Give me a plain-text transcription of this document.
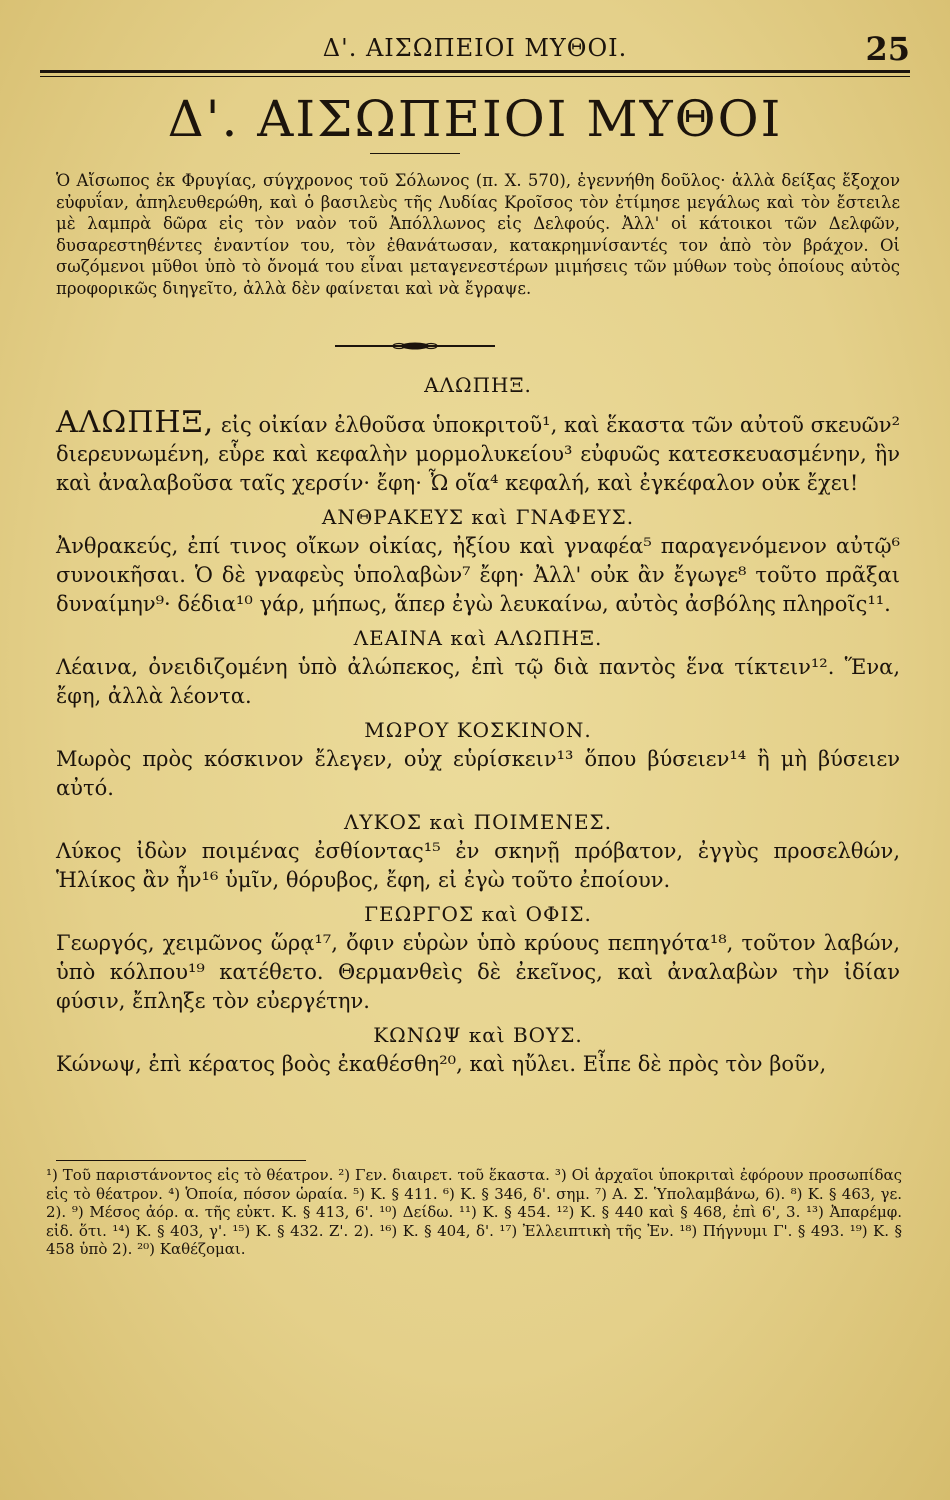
Δ'. ΑΙΣΩΠΕΙΟΙ ΜΥΘΟΙ.	25
Δ'. ΑΙΣΩΠΕΙΟΙ ΜΥΘΟΙ
Ὁ Αἴσωπος ἐκ Φρυγίας, σύγχρονος τοῦ Σόλωνος (π. Χ. 570), ἐγεννήθη δοῦλος· ἀλλὰ δείξας ἔξοχον εὐφυΐαν, ἀπηλευθερώθη, καὶ ὁ βασιλεὺς τῆς Λυδίας Κροῖσος τὸν ἐτίμησε μεγάλως καὶ τὸν ἔστειλε μὲ λαμπρὰ δῶρα εἰς τὸν ναὸν τοῦ Ἀπόλλωνος εἰς Δελφούς. Ἀλλ' οἱ κάτοικοι τῶν Δελφῶν, δυσαρεστηθέντες ἐναντίον του, τὸν ἐθανάτωσαν, κατακρημνίσαντές τον ἀπὸ τὸν βράχον. Οἱ σωζόμενοι μῦθοι ὑπὸ τὸ ὄνομά του εἶναι μεταγενεστέρων μιμήσεις τῶν μύθων τοὺς ὁποίους αὐτὸς προφορικῶς διηγεῖτο, ἀλλὰ δὲν φαίνεται καὶ νὰ ἔγραψε.
ΑΛΩΠΗΞ.

ΑΛΩΠΗΞ, εἰς οἰκίαν ἐλθοῦσα ὑποκριτοῦ¹, καὶ ἕκαστα τῶν αὐτοῦ σκευῶν² διερευνωμένη, εὗρε καὶ κεφαλὴν μορμολυκείου³ εὐφυῶς κατεσκευασμένην, ἣν καὶ ἀναλαβοῦσα ταῖς χερσίν· ἔφη· Ὦ οἵα⁴ κεφαλή, καὶ ἐγκέφαλον οὐκ ἔχει!

ΑΝΘΡΑΚΕΥΣ καὶ ΓΝΑΦΕΥΣ.

Ἀνθρακεύς, ἐπί τινος οἴκων οἰκίας, ἠξίου καὶ γναφέα⁵ παραγενόμενον αὐτῷ⁶ συνοικῆσαι. Ὁ δὲ γναφεὺς ὑπολαβὼν⁷ ἔφη· Ἀλλ' οὐκ ἂν ἔγωγε⁸ τοῦτο πρᾶξαι δυναίμην⁹· δέδια¹⁰ γάρ, μήπως, ἅπερ ἐγὼ λευκαίνω, αὐτὸς ἀσβόλης πληροῖς¹¹.

ΛΕΑΙΝΑ καὶ ΑΛΩΠΗΞ.

Λέαινα, ὀνειδιζομένη ὑπὸ ἀλώπεκος, ἐπὶ τῷ διὰ παντὸς ἕνα τίκτειν¹². Ἕνα, ἔφη, ἀλλὰ λέοντα.

ΜΩΡΟΥ ΚΟΣΚΙΝΟΝ.

Μωρὸς πρὸς κόσκινον ἔλεγεν, οὐχ εὑρίσκειν¹³ ὅπου βύσειεν¹⁴ ἢ μὴ βύσειεν αὐτό.

ΛΥΚΟΣ καὶ ΠΟΙΜΕΝΕΣ.

Λύκος ἰδὼν ποιμένας ἐσθίοντας¹⁵ ἐν σκηνῇ πρόβατον, ἐγγὺς προσελθών, Ἡλίκος ἂν ἦν¹⁶ ὑμῖν, θόρυβος, ἔφη, εἰ ἐγὼ τοῦτο ἐποίουν.

ΓΕΩΡΓΟΣ καὶ ΟΦΙΣ.

Γεωργός, χειμῶνος ὥρᾳ¹⁷, ὄφιν εὑρὼν ὑπὸ κρύους πεπηγότα¹⁸, τοῦτον λαβών, ὑπὸ κόλπου¹⁹ κατέθετο. Θερμανθεὶς δὲ ἐκεῖνος, καὶ ἀναλαβὼν τὴν ἰδίαν φύσιν, ἔπληξε τὸν εὐεργέτην.

ΚΩΝΩΨ καὶ ΒΟΥΣ.

Κώνωψ, ἐπὶ κέρατος βοὸς ἐκαθέσθη²⁰, καὶ ηὔλει. Εἶπε δὲ πρὸς τὸν βοῦν,

¹) Τοῦ παριστάνοντος εἰς τὸ θέατρον. ²) Γεν. διαιρετ. τοῦ ἕκαστα. ³) Οἱ ἀρχαῖοι ὑποκριταὶ ἐφόρουν προσωπίδας εἰς τὸ θέατρον. ⁴) Ὁποία, πόσον ὡραία. ⁵) Κ. § 411. ⁶) Κ. § 346, δ'. σημ. ⁷) Α. Σ. Ὑπολαμβάνω, 6). ⁸) Κ. § 463, γε. 2). ⁹) Μέσος ἀόρ. α. τῆς εὐκτ. Κ. § 413, 6'. ¹⁰) Δείδω. ¹¹) Κ. § 454. ¹²) Κ. § 440 καὶ § 468, ἐπὶ 6', 3. ¹³) Ἀπαρέμφ. εἰδ. ὅτι. ¹⁴) Κ. § 403, γ'. ¹⁵) Κ. § 432. Ζ'. 2). ¹⁶) Κ. § 404, δ'. ¹⁷) Ἐλλειπτικὴ τῆς Ἐν. ¹⁸) Πήγνυμι Γ'. § 493. ¹⁹) Κ. § 458 ὑπὸ 2). ²⁰) Καθέζομαι.
